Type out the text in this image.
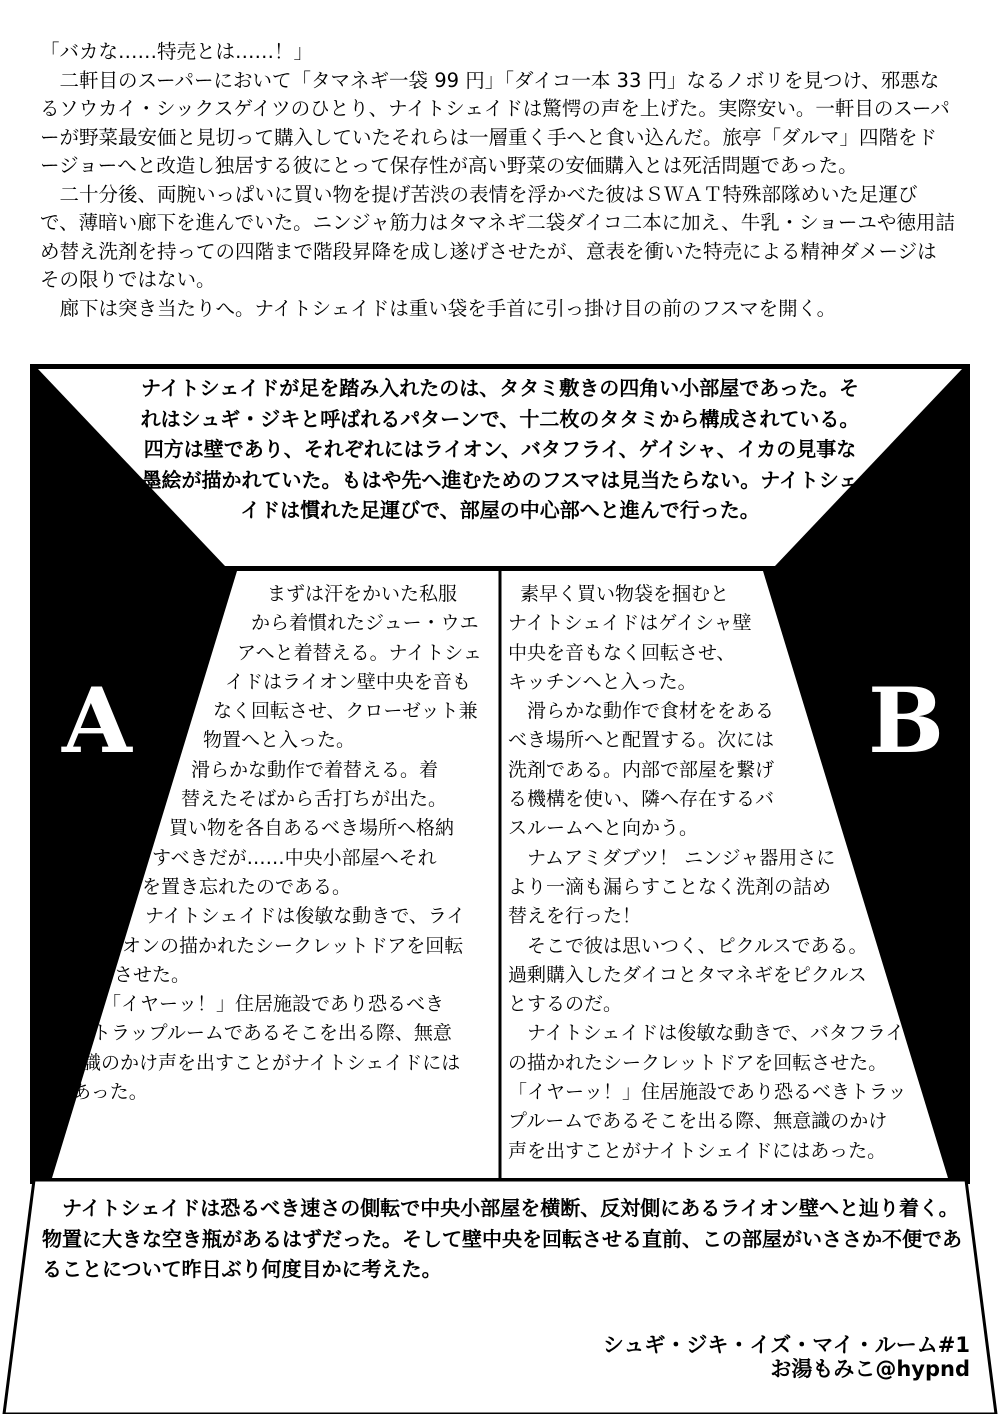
「バカな……特売とは……！」

二軒目のスーパーにおいて「タマネギ一袋 99 円」「ダイコ一本 33 円」なるノボリを見つけ、邪悪なるソウカイ・シックスゲイツのひとり、ナイトシェイドは驚愕の声を上げた。実際安い。一軒目のスーパーが野菜最安価と見切って購入していたそれらは一層重く手へと食い込んだ。旅亭「ダルマ」四階をドージョーへと改造し独居する彼にとって保存性が高い野菜の安価購入とは死活問題であった。

二十分後、両腕いっぱいに買い物を提げ苦渋の表情を浮かべた彼はＳＷＡＴ特殊部隊めいた足運びで、薄暗い廊下を進んでいた。ニンジャ筋力はタマネギ二袋ダイコ二本に加え、牛乳・ショーユや徳用詰め替え洗剤を持っての四階まで階段昇降を成し遂げさせたが、意表を衝いた特売による精神ダメージはその限りではない。

廊下は突き当たりへ。ナイトシェイドは重い袋を手首に引っ掛け目の前のフスマを開く。

A	B
ナイトシェイドが足を踏み入れたのは、タタミ敷きの四角い小部屋であった。それはシュギ・ジキと呼ばれるパターンで、十二枚のタタミから構成されている。四方は壁であり、それぞれにはライオン、バタフライ、ゲイシャ、イカの見事な墨絵が描かれていた。もはや先へ進むためのフスマは見当たらない。ナイトシェイドは慣れた足運びで、部屋の中心部へと進んで行った。
　まずは汗をかいた私服
　から着慣れたジュー・ウエ
　アへと着替える。ナイトシェ
　イドはライオン壁中央を音も
　なく回転させ、クローゼット兼
　物置へと入った。
　滑らかな動作で着替える。着
　替えたそばから舌打ちが出た。
　買い物を各自あるべき場所へ格納
すべきだが……中央小部屋へそれ
を置き忘れたのである。
　ナイトシェイドは俊敏な動きで、ライ
オンの描かれたシークレットドアを回転
させた。
「イヤーッ！」住居施設であり恐るべき
トラップルームであるそこを出る際、無意
識のかけ声を出すことがナイトシェイドには
あった。
素早く買い物袋を掴むと
ナイトシェイドはゲイシャ壁
中央を音もなく回転させ、
キッチンへと入った。
　滑らかな動作で食材ををある
べき場所へと配置する。次には
洗剤である。内部で部屋を繋げ
る機構を使い、隣へ存在するバ
スルームへと向かう。
　ナムアミダブツ！ ニンジャ器用さに
より一滴も漏らすことなく洗剤の詰め
替えを行った！
　そこで彼は思いつく、ピクルスである。
過剰購入したダイコとタマネギをピクルス
とするのだ。
　ナイトシェイドは俊敏な動きで、バタフライ
の描かれたシークレットドアを回転させた。
「イヤーッ！」住居施設であり恐るべきトラッ
プルームであるそこを出る際、無意識のかけ
声を出すことがナイトシェイドにはあった。
　ナイトシェイドは恐るべき速さの側転で中央小部屋を横断、反対側にあるライオン壁へと辿り着く。物置に大きな空き瓶があるはずだった。そして壁中央を回転させる直前、この部屋がいささか不便であることについて昨日ぶり何度目かに考えた。
シュギ・ジキ・イズ・マイ・ルーム#1
お湯もみこ@hypnd
